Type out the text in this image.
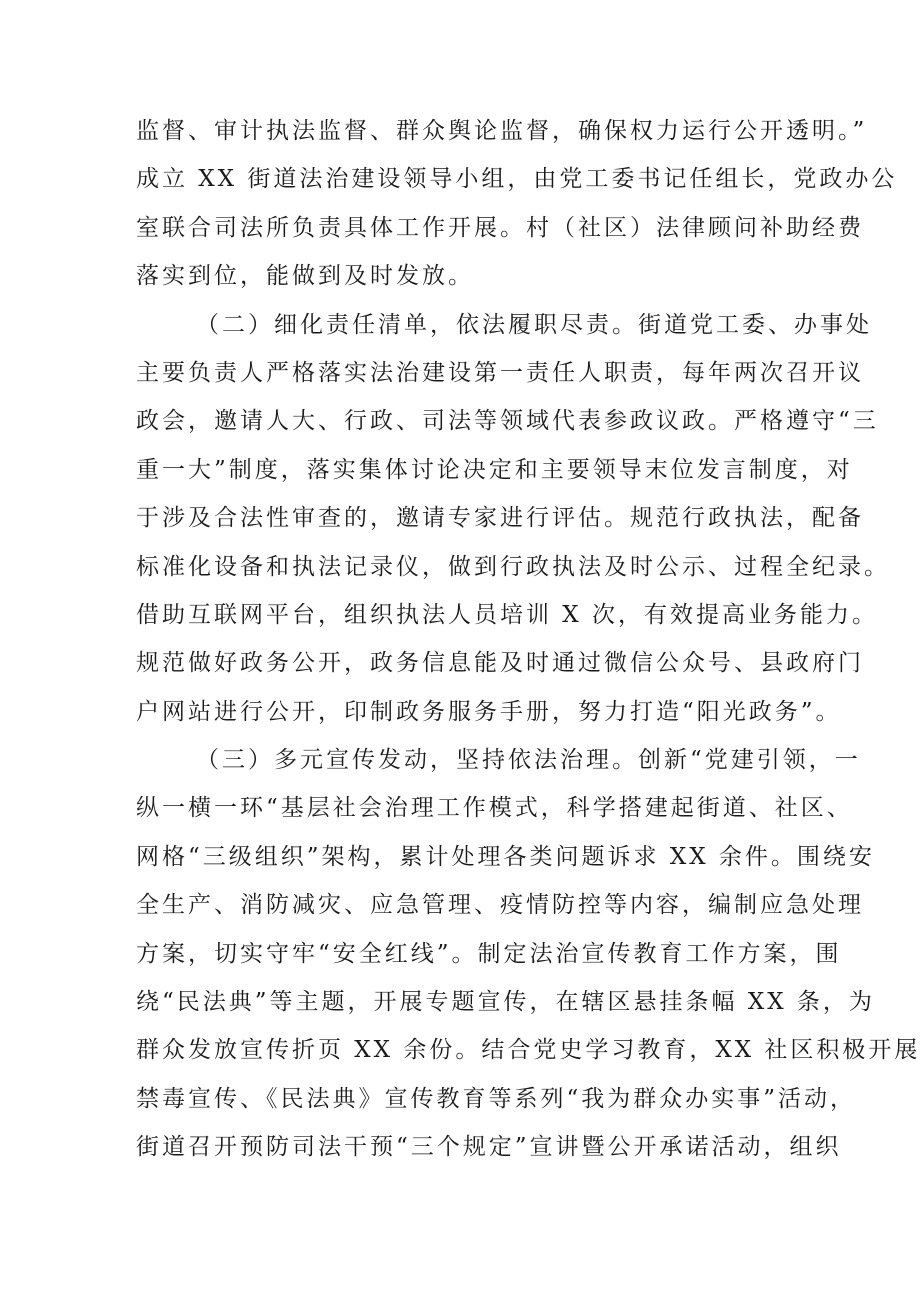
监督、审计执法监督、群众舆论监督，确保权力运行公开透明。”
成立 XX 街道法治建设领导小组，由党工委书记任组长，党政办公
室联合司法所负责具体工作开展。村（社区）法律顾问补助经费
落实到位，能做到及时发放。
（二）细化责任清单，依法履职尽责。街道党工委、办事处
主要负责人严格落实法治建设第一责任人职责，每年两次召开议
政会，邀请人大、行政、司法等领域代表参政议政。严格遵守“三
重一大”制度，落实集体讨论决定和主要领导末位发言制度，对
于涉及合法性审查的，邀请专家进行评估。规范行政执法，配备
标准化设备和执法记录仪，做到行政执法及时公示、过程全纪录。
借助互联网平台，组织执法人员培训 X 次，有效提高业务能力。
规范做好政务公开，政务信息能及时通过微信公众号、县政府门
户网站进行公开，印制政务服务手册，努力打造“阳光政务”。
（三）多元宣传发动，坚持依法治理。创新“党建引领，一
纵一横一环“基层社会治理工作模式，科学搭建起街道、社区、
网格“三级组织”架构，累计处理各类问题诉求 XX 余件。围绕安
全生产、消防减灾、应急管理、疫情防控等内容，编制应急处理
方案，切实守牢“安全红线”。制定法治宣传教育工作方案，围
绕“民法典”等主题，开展专题宣传，在辖区悬挂条幅 XX 条，为
群众发放宣传折页 XX 余份。结合党史学习教育，XX 社区积极开展
禁毒宣传、《民法典》宣传教育等系列“我为群众办实事”活动，
街道召开预防司法干预“三个规定”宣讲暨公开承诺活动，组织
